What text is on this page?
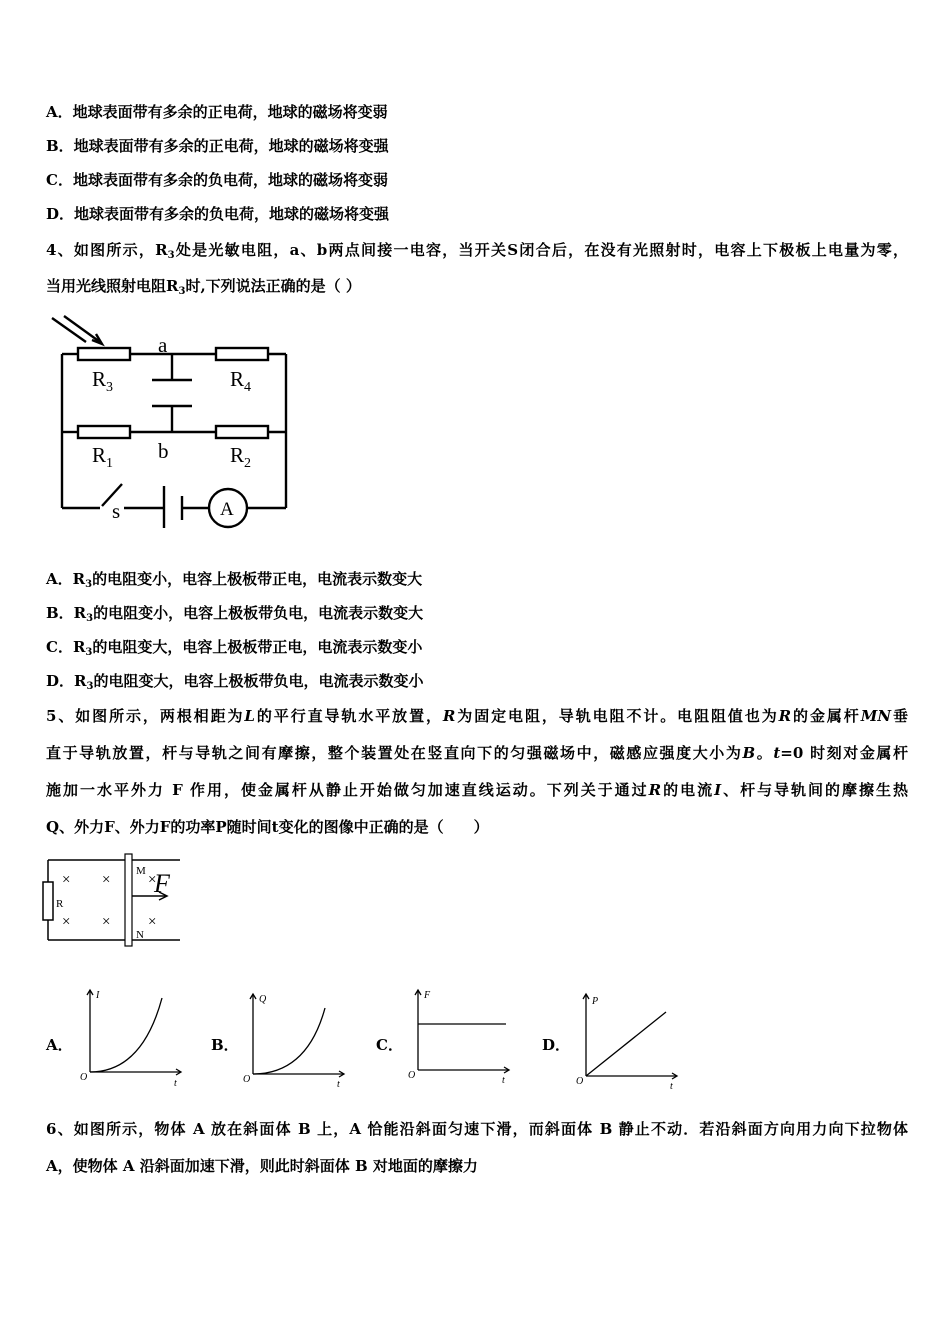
A．地球表面带有多余的正电荷，地球的磁场将变弱
B．地球表面带有多余的正电荷，地球的磁场将变强
C．地球表面带有多余的负电荷，地球的磁场将变弱
D．地球表面带有多余的负电荷，地球的磁场将变强
4、如图所示，$R_3$处是光敏电阻，a、b两点间接一电容，当开关S闭合后，在没有光照射时，电容上下极板上电量为零，
当用光线照射电阻$R_3$时,下列说法正确的是（ ）
a
b
$R_3$	$R_4$
$R_1$	$R_2$
s	A
A．$R_3$的电阻变小，电容上极板带正电，电流表示数变大
B．$R_3$的电阻变小，电容上极板带负电，电流表示数变大
C．$R_3$的电阻变大，电容上极板带正电，电流表示数变小
D．$R_3$的电阻变大，电容上极板带负电，电流表示数变小
5、如图所示，两根相距为L的平行直导轨水平放置，R为固定电阻，导轨电阻不计。电阻阻值也为R的金属杆MN垂
直于导轨放置，杆与导轨之间有摩擦，整个装置处在竖直向下的匀强磁场中，磁感应强度大小为B。t=0 时刻对金属杆
施加一水平外力 F 作用，使金属杆从静止开始做匀加速直线运动。下列关于通过R的电流I、杆与导轨间的摩擦生热
Q、外力F、外力F的功率P随时间t变化的图像中正确的是（　　）
× ×	×
× ×	×
R
M
N
F
A．
I
t
O
B．
Q
t
O
C．
F
t
O
D．
P
t
O
6、如图所示，物体 A 放在斜面体 B 上，A 恰能沿斜面匀速下滑，而斜面体 B 静止不动．若沿斜面方向用力向下拉物体
A，使物体 A 沿斜面加速下滑，则此时斜面体 B 对地面的摩擦力
